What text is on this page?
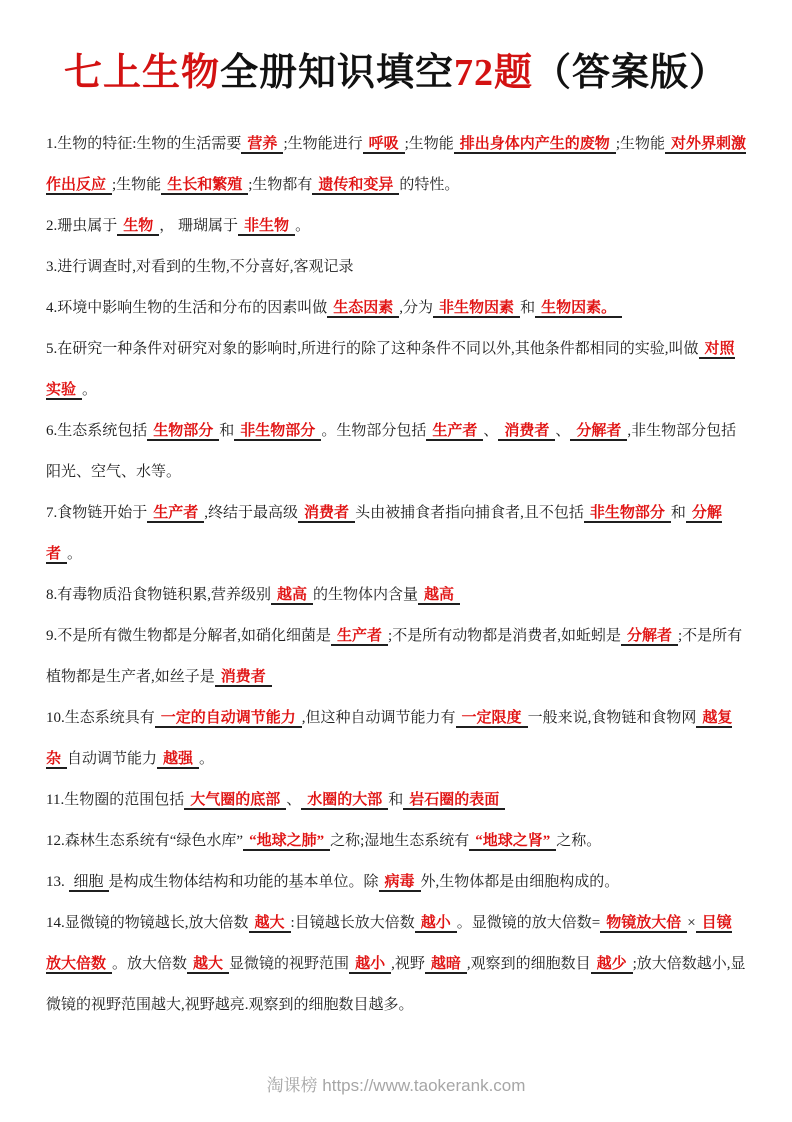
七上生物全册知识填空72题（答案版）

1.生物的特征:生物的生活需要 营养 ;生物能进行 呼吸 ;生物能 排出身体内产生的废物 ;生物能 对外界刺激作出反应 ;生物能 生长和繁殖 ;生物都有 遗传和变异 的特性。

2.珊虫属于 生物 ， 珊瑚属于 非生物 。

3.进行调查时,对看到的生物,不分喜好,客观记录

4.环境中影响生物的生活和分布的因素叫做 生态因素 ,分为 非生物因素 和 生物因素。

5.在研究一种条件对研究对象的影响时,所进行的除了这种条件不同以外,其他条件都相同的实验,叫做 对照实验 。

6.生态系统包括 生物部分 和 非生物部分 。生物部分包括 生产者 、 消费者 、 分解者 ,非生物部分包括阳光、空气、水等。

7.食物链开始于 生产者 ,终结于最高级 消费者 头由被捕食者指向捕食者,且不包括 非生物部分 和 分解者 。

8.有毒物质沿食物链积累,营养级别 越高 的生物体内含量 越高

9.不是所有微生物都是分解者,如硝化细菌是 生产者 ;不是所有动物都是消费者,如蚯蚓是 分解者 ;不是所有植物都是生产者,如丝子是 消费者

10.生态系统具有 一定的自动调节能力 ,但这种自动调节能力有 一定限度 一般来说,食物链和食物网 越复杂 自动调节能力 越强 。

11.生物圈的范围包括 大气圈的底部 、 水圈的大部 和 岩石圈的表面

12.森林生态系统有“绿色水库” “地球之肺” 之称;湿地生态系统有 “地球之肾” 之称。

13. 细胞 是构成生物体结构和功能的基本单位。除 病毒 外,生物体都是由细胞构成的。

14.显微镜的物镜越长,放大倍数 越大 :目镜越长放大倍数 越小 。显微镜的放大倍数= 物镜放大倍 × 目镜放大倍数 。放大倍数 越大 显微镜的视野范围 越小 ,视野 越暗 ,观察到的细胞数目 越少 ;放大倍数越小,显微镜的视野范围越大,视野越亮.观察到的细胞数目越多。

淘课榜 https://www.taokerank.com
